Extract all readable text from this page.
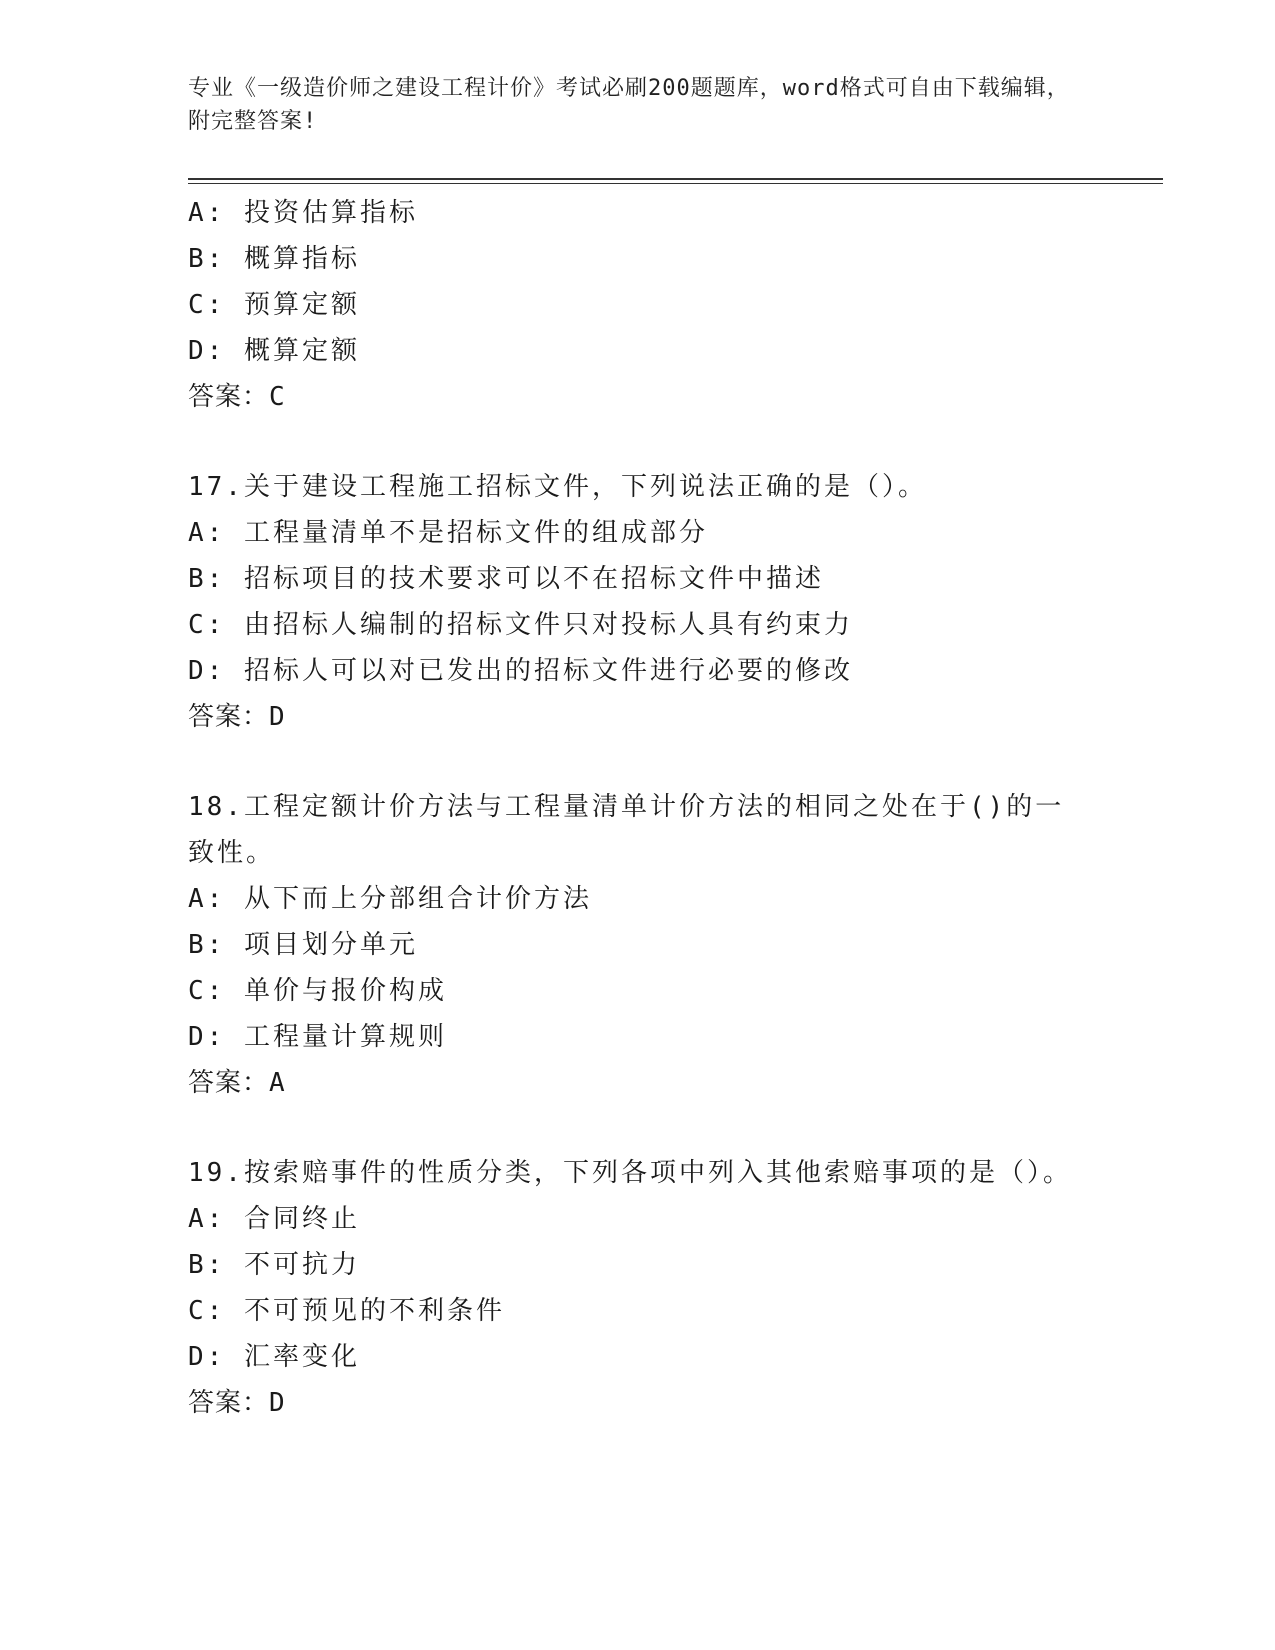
专业《一级造价师之建设工程计价》考试必刷200题题库，word格式可自由下载编辑，附完整答案!
A: 投资估算指标
B: 概算指标
C: 预算定额
D: 概算定额
答案：C
17.关于建设工程施工招标文件，下列说法正确的是（）。
A: 工程量清单不是招标文件的组成部分
B: 招标项目的技术要求可以不在招标文件中描述
C: 由招标人编制的招标文件只对投标人具有约束力
D: 招标人可以对已发出的招标文件进行必要的修改
答案：D
18.工程定额计价方法与工程量清单计价方法的相同之处在于()的一致性。
A: 从下而上分部组合计价方法
B: 项目划分单元
C: 单价与报价构成
D: 工程量计算规则
答案：A
19.按索赔事件的性质分类，下列各项中列入其他索赔事项的是（）。
A: 合同终止
B: 不可抗力
C: 不可预见的不利条件
D: 汇率变化
答案：D
